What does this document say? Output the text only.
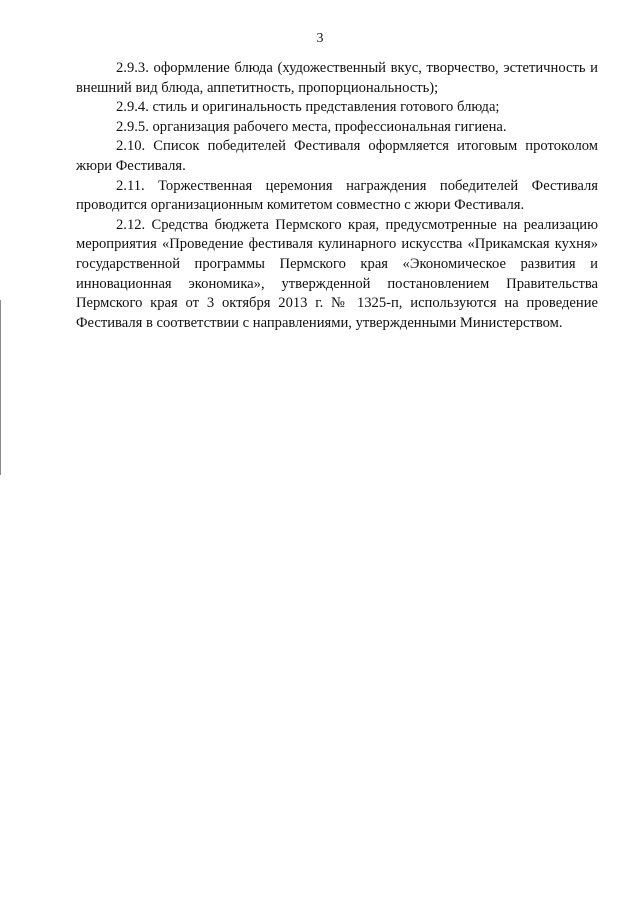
3

2.9.3. оформление блюда (художественный вкус, творчество, эстетичность и внешний вид блюда, аппетитность, пропорциональность);

2.9.4. стиль и оригинальность представления готового блюда;

2.9.5. организация рабочего места, профессиональная гигиена.

2.10. Список победителей Фестиваля оформляется итоговым протоколом жюри Фестиваля.

2.11. Торжественная церемония награждения победителей Фестиваля проводится организационным комитетом совместно с жюри Фестиваля.

2.12. Средства бюджета Пермского края, предусмотренные на реализацию мероприятия «Проведение фестиваля кулинарного искусства «Прикамская кухня» государственной программы Пермского края «Экономическое развития и инновационная экономика», утвержденной постановлением Правительства Пермского края от 3 октября 2013 г. № 1325-п, используются на проведение Фестиваля в соответствии с направлениями, утвержденными Министерством.
